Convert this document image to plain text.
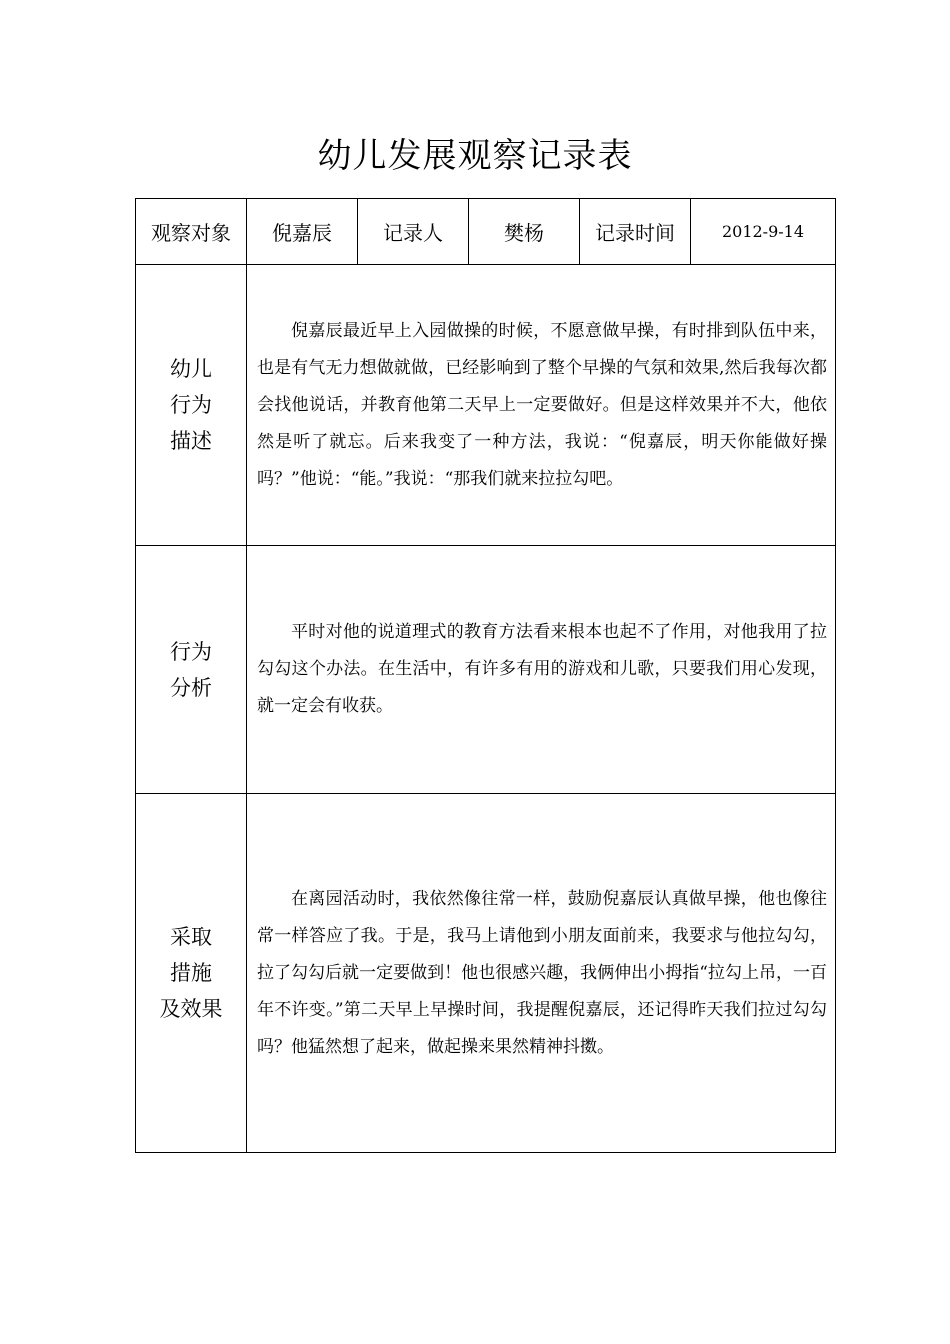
幼儿发展观察记录表
观察对象	倪嘉辰	记录人	樊杨	记录时间	2012-9-14

幼儿
行为
描述	倪嘉辰最近早上入园做操的时候，不愿意做早操，有时排到队伍中来，也是有气无力想做就做，已经影响到了整个早操的气氛和效果,然后我每次都会找他说话，并教育他第二天早上一定要做好。但是这样效果并不大，他依然是听了就忘。后来我变了一种方法，我说：“倪嘉辰，明天你能做好操吗？”他说：“能。”我说：“那我们就来拉拉勾吧。				

行为
分析	平时对他的说道理式的教育方法看来根本也起不了作用，对他我用了拉勾勾这个办法。在生活中，有许多有用的游戏和儿歌，只要我们用心发现，就一定会有收获。				

采取
措施
及效果	在离园活动时，我依然像往常一样，鼓励倪嘉辰认真做早操，他也像往常一样答应了我。于是，我马上请他到小朋友面前来，我要求与他拉勾勾，拉了勾勾后就一定要做到！他也很感兴趣，我俩伸出小拇指“拉勾上吊，一百年不许变。”第二天早上早操时间，我提醒倪嘉辰，还记得昨天我们拉过勾勾吗？他猛然想了起来，做起操来果然精神抖擞。				
